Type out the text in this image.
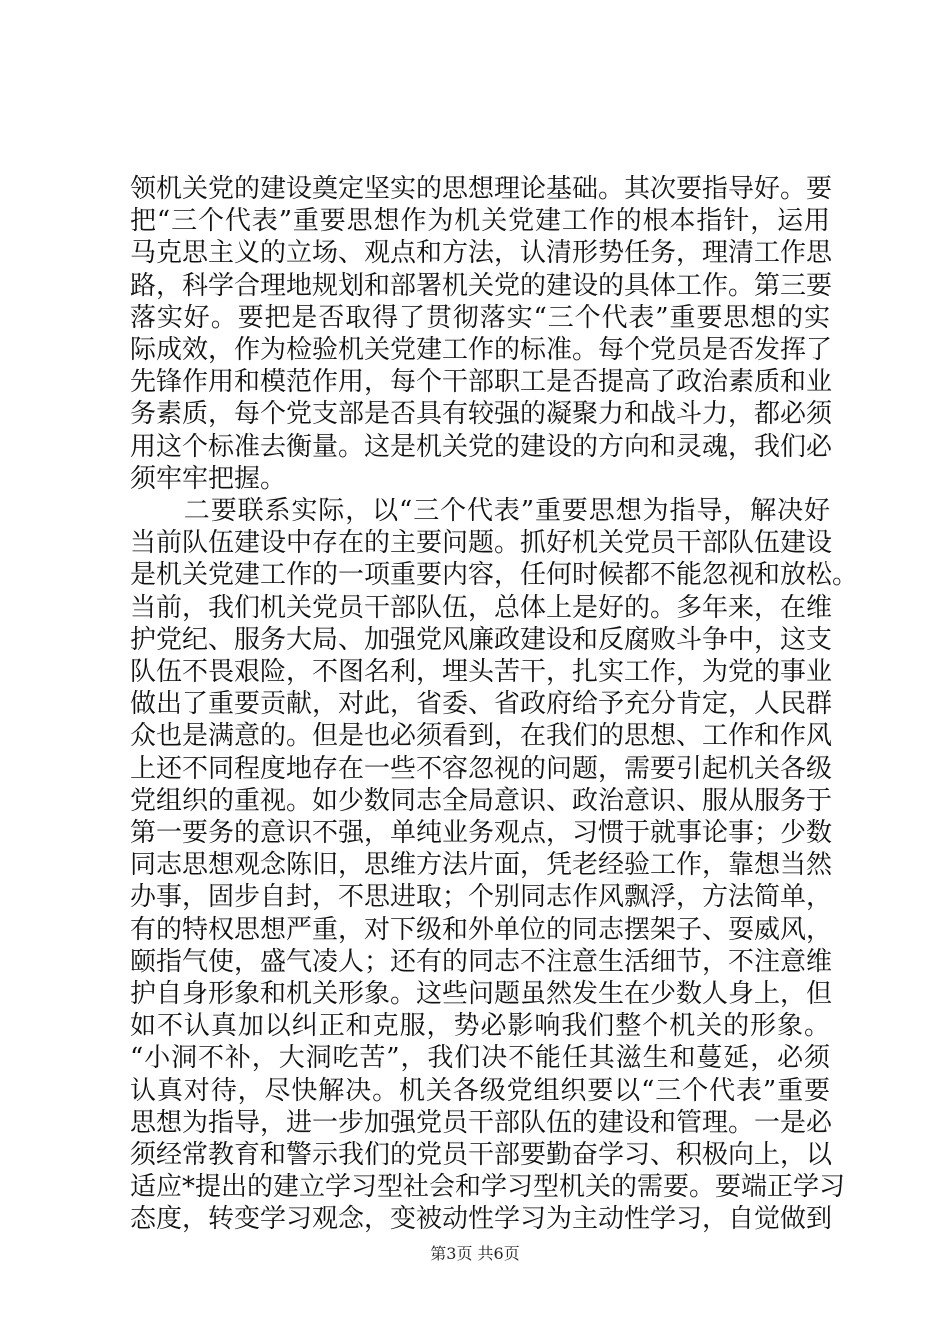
领机关党的建设奠定坚实的思想理论基础。其次要指导好。要
把“三个代表”重要思想作为机关党建工作的根本指针，运用
马克思主义的立场、观点和方法，认清形势任务，理清工作思
路，科学合理地规划和部署机关党的建设的具体工作。第三要
落实好。要把是否取得了贯彻落实“三个代表”重要思想的实
际成效，作为检验机关党建工作的标准。每个党员是否发挥了
先锋作用和模范作用，每个干部职工是否提高了政治素质和业
务素质，每个党支部是否具有较强的凝聚力和战斗力，都必须
用这个标准去衡量。这是机关党的建设的方向和灵魂，我们必
须牢牢把握。
　　二要联系实际，以“三个代表”重要思想为指导，解决好
当前队伍建设中存在的主要问题。抓好机关党员干部队伍建设
是机关党建工作的一项重要内容，任何时候都不能忽视和放松。
当前，我们机关党员干部队伍，总体上是好的。多年来，在维
护党纪、服务大局、加强党风廉政建设和反腐败斗争中，这支
队伍不畏艰险，不图名利，埋头苦干，扎实工作，为党的事业
做出了重要贡献，对此，省委、省政府给予充分肯定，人民群
众也是满意的。但是也必须看到，在我们的思想、工作和作风
上还不同程度地存在一些不容忽视的问题，需要引起机关各级
党组织的重视。如少数同志全局意识、政治意识、服从服务于
第一要务的意识不强，单纯业务观点，习惯于就事论事；少数
同志思想观念陈旧，思维方法片面，凭老经验工作，靠想当然
办事，固步自封，不思进取；个别同志作风飘浮，方法简单，
有的特权思想严重，对下级和外单位的同志摆架子、耍威风，
颐指气使，盛气凌人；还有的同志不注意生活细节，不注意维
护自身形象和机关形象。这些问题虽然发生在少数人身上，但
如不认真加以纠正和克服，势必影响我们整个机关的形象。
“小洞不补，大洞吃苦”，我们决不能任其滋生和蔓延，必须
认真对待，尽快解决。机关各级党组织要以“三个代表”重要
思想为指导，进一步加强党员干部队伍的建设和管理。一是必
须经常教育和警示我们的党员干部要勤奋学习、积极向上，以
适应*提出的建立学习型社会和学习型机关的需要。要端正学习
态度，转变学习观念，变被动性学习为主动性学习，自觉做到
第3页 共6页
